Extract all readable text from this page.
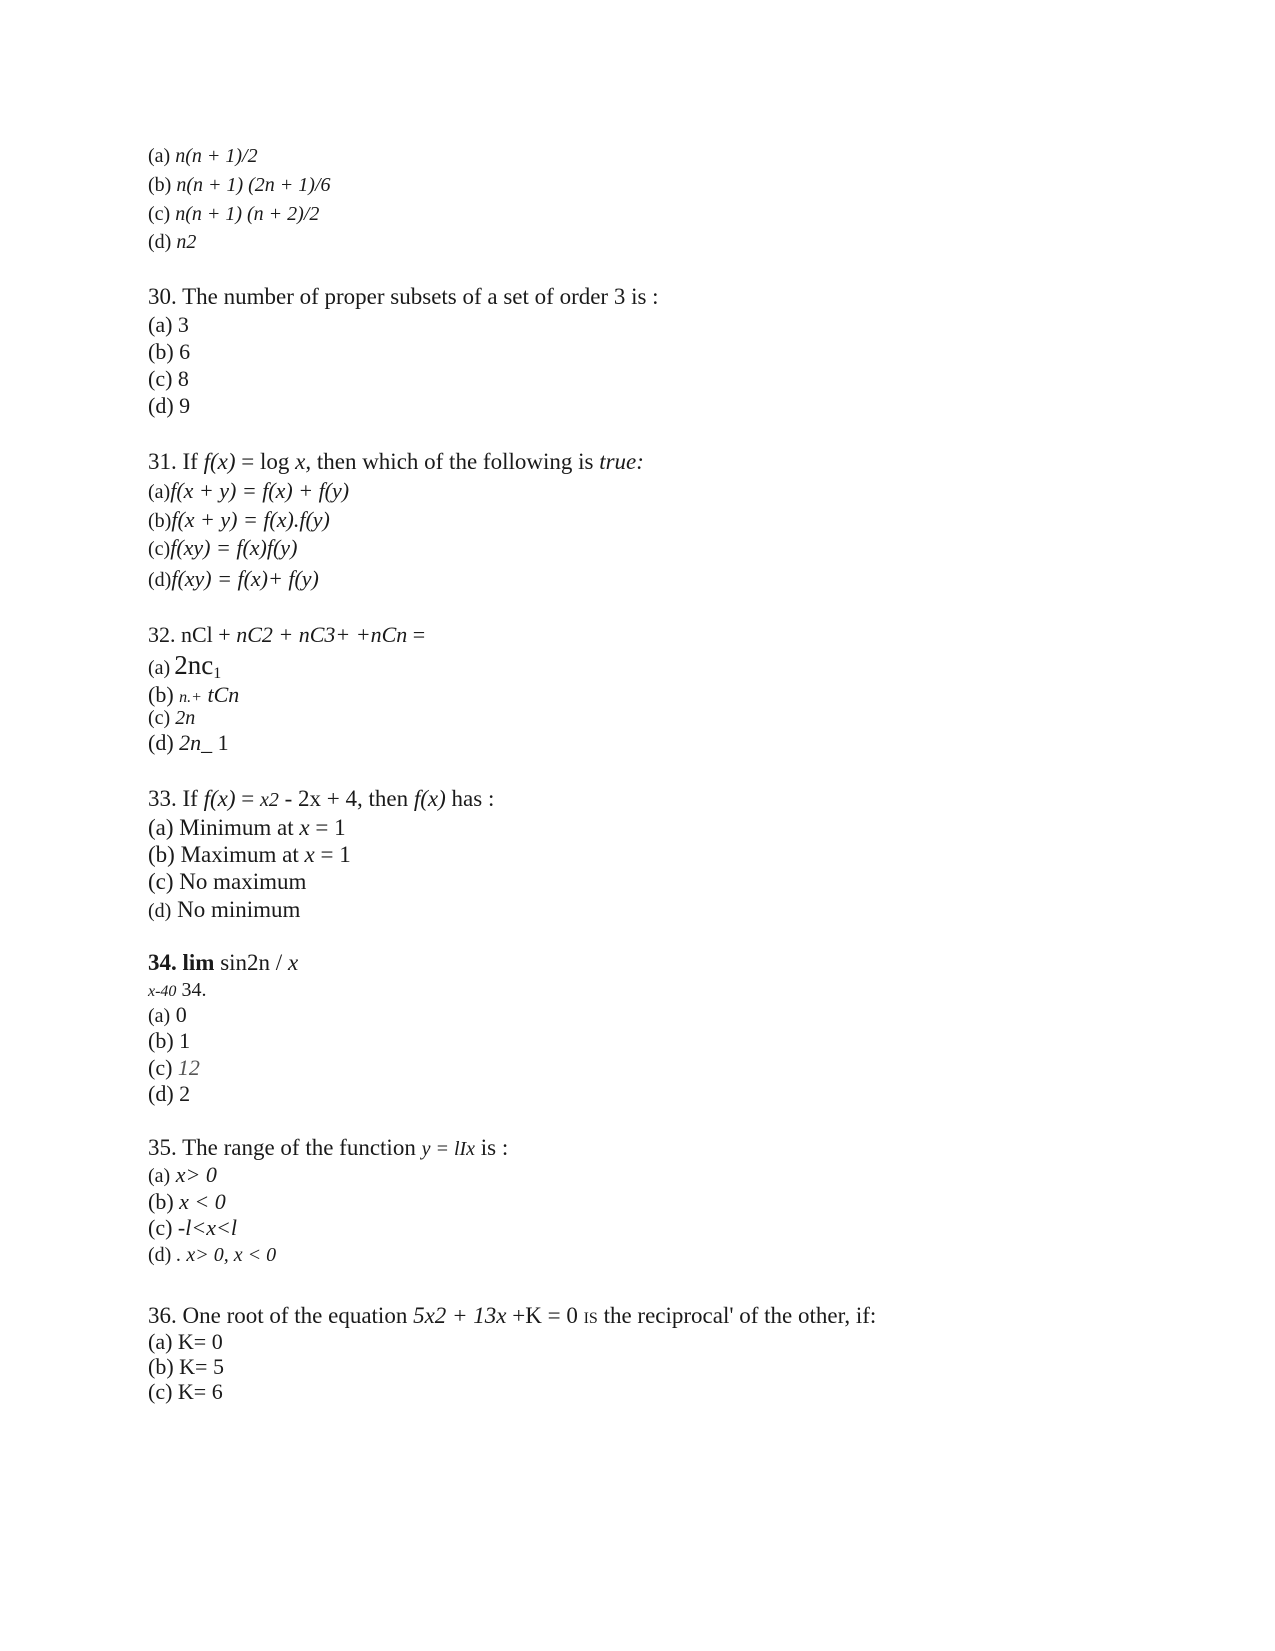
(a) n(n + 1)/2
(b) n(n + 1) (2n + 1)/6
(c) n(n + 1) (n + 2)/2
(d) n2
30. The number of proper subsets of a set of order 3 is :
(a) 3
(b) 6
(c) 8
(d) 9
31. If f(x) = log x, then which of the following is true:
(a)f(x + y) = f(x) + f(y)
(b)f(x + y) = f(x).f(y)
(c)f(xy) = f(x)f(y)
(d)f(xy) = f(x)+ f(y)
32. nCl + nC2 + nC3+ +nCn =
(a) $2nc_1$
(b) n.+ tCn
(c) 2n
(d) 2n_ 1
33. If f(x) = x2 - 2x + 4, then f(x) has :
(a) Minimum at x = 1
(b) Maximum at x = 1
(c) No maximum
(d) No minimum
34. lim sin2n / x
x-40 34.
(a) 0
(b) 1
(c) 12
(d) 2
35. The range of the function y = lIx is :
(a) x> 0
(b) x < 0
(c) -l<x<l
(d) . x> 0, x < 0
36. One root of the equation 5x2 + 13x +K = 0 IS the reciprocal' of the other, if:
(a) K= 0
(b) K= 5
(c) K= 6
